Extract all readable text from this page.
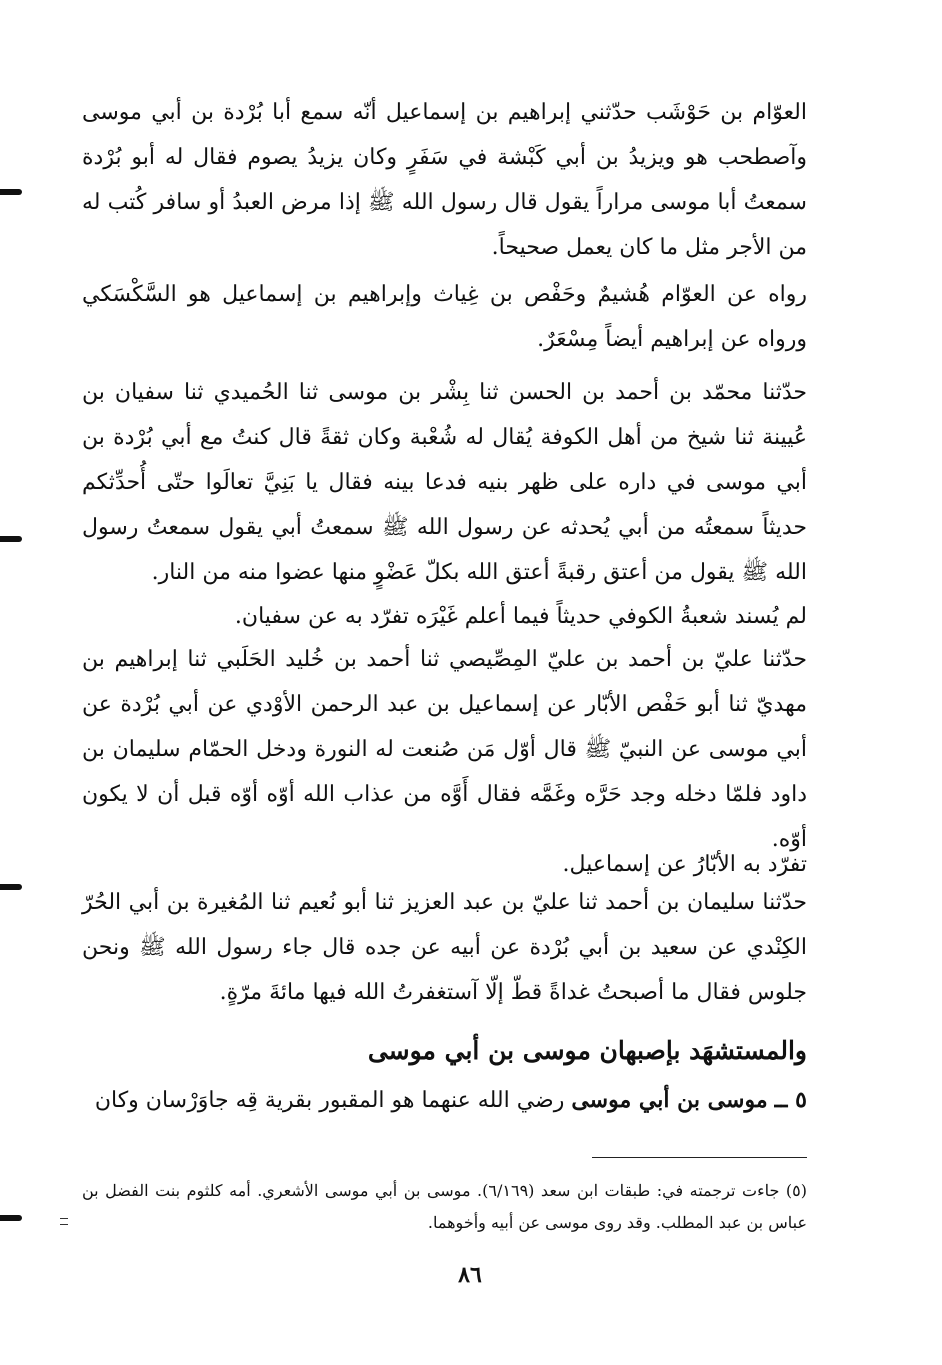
العوّام بن حَوْشَب حدّثني إبراهيم بن إسماعيل أنّه سمع أبا بُرْدة بن أبي موسى وآصطحب هو ويزيدُ بن أبي كَبْشة في سَفَرٍ وكان يزيدُ يصوم فقال له أبو بُرْدة سمعتُ أبا موسى مراراً يقول قال رسول الله ﷺ إذا مرض العبدُ أو سافر كُتب له من الأجر مثل ما كان يعمل صحيحاً.

رواه عن العوّام هُشيمٌ وحَفْص بن غِياث وإبراهيم بن إسماعيل هو السَّكْسَكي ورواه عن إبراهيم أيضاً مِسْعَرٌ.

حدّثنا محمّد بن أحمد بن الحسن ثنا بِشْر بن موسى ثنا الحُميدي ثنا سفيان بن عُيينة ثنا شيخ من أهل الكوفة يُقال له شُعْبة وكان ثقةً قال كنتُ مع أبي بُرْدة بن أبي موسى في داره على ظهر بنيه فدعا بينه فقال يا بَنِيَّ تعالَوا حتّى أُحدِّثكم حديثاً سمعتُه من أبي يُحدثه عن رسول الله ﷺ سمعتُ أبي يقول سمعتُ رسول الله ﷺ يقول من أعتق رقبةً أعتق الله بكلّ عَضْوٍ منها عضوا منه من النار.

لم يُسند شعبةُ الكوفي حديثاً فيما أعلم غَيْرَه تفرّد به عن سفيان.

حدّثنا عليّ بن أحمد بن عليّ المِصِّيصي ثنا أحمد بن خُليد الحَلَبي ثنا إبراهيم بن مهديّ ثنا أبو حَفْص الأبّار عن إسماعيل بن عبد الرحمن الأوْدي عن أبي بُرْدة عن أبي موسى عن النبيّ ﷺ قال أوّل مَن صُنعت له النورة ودخل الحمّام سليمان بن داود فلمّا دخله وجد حَرَّه وغَمَّه فقال أَوَّه من عذاب الله أوّه أوّه قبل أن لا يكون أوّه.

تفرّد به الأبّارُ عن إسماعيل.

حدّثنا سليمان بن أحمد ثنا عليّ بن عبد العزيز ثنا أبو نُعيم ثنا المُغيرة بن أبي الحُرّ الكِنْدي عن سعيد بن أبي بُرْدة عن أبيه عن جده قال جاء رسول الله ﷺ ونحن جلوس فقال ما أصبحتُ غداةً قطّ إلّا آستغفرتُ الله فيها مائةَ مرّةٍ.

والمستشهَد بإصبهان موسى بن أبي موسى

٥ ــ موسى بن أبي موسى رضي الله عنهما هو المقبور بقرية قِه جاوَرْسان وكان

(٥) جاءت ترجمته في: طبقات ابن سعد (٦/١٦٩). موسى بن أبي موسى الأشعري. أمه كلثوم بنت الفضل بن عباس بن عبد المطلب. وقد روى موسى عن أبيه وأخوهما.

٨٦
